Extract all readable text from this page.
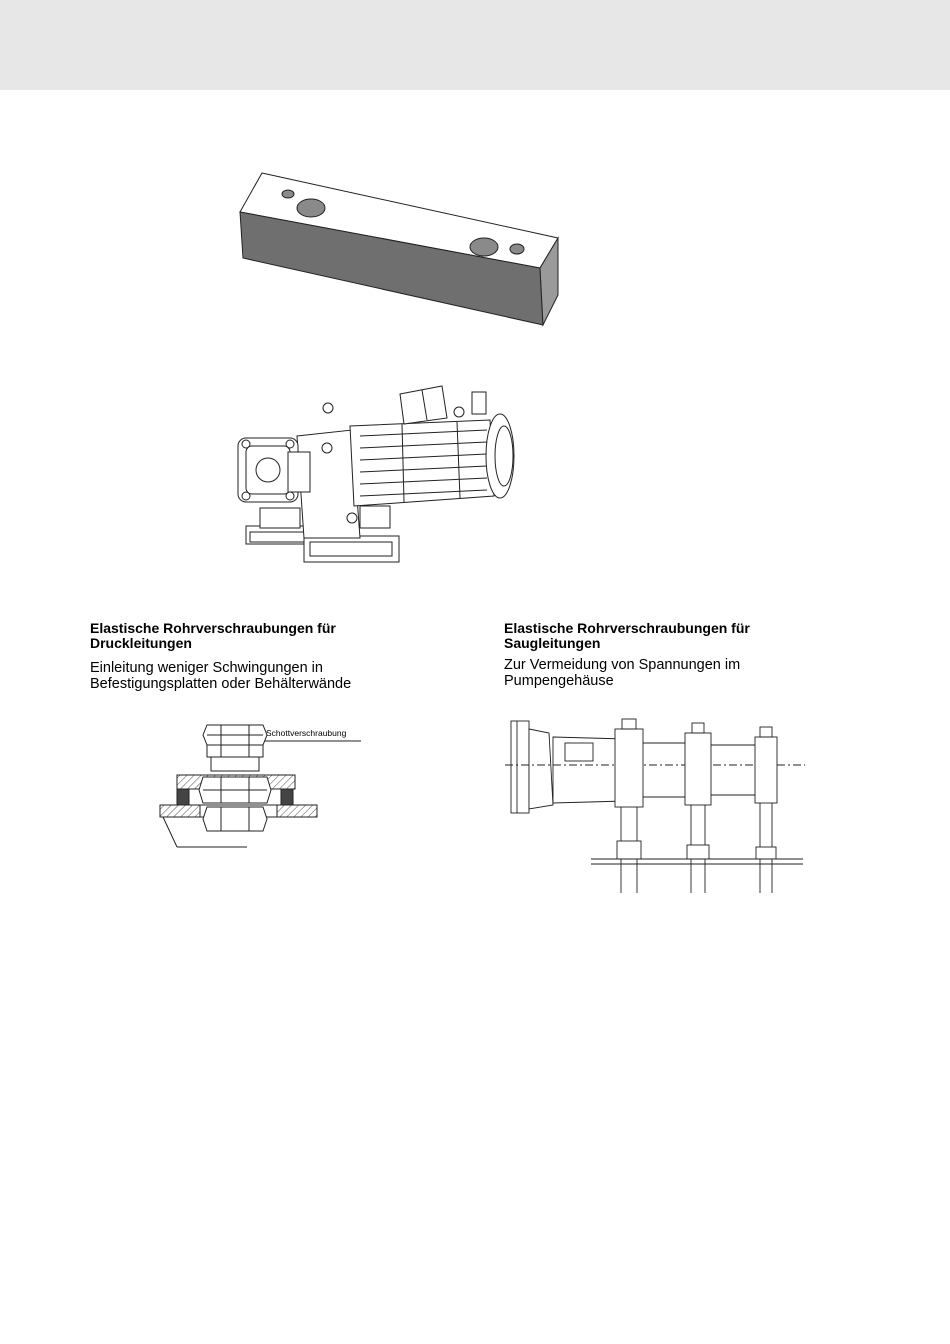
Elastische Rohrverschraubungen für
Druckleitungen
Einleitung weniger Schwingungen in
Befestigungsplatten oder Behälterwände
Elastische Rohrverschraubungen für
Saugleitungen
Zur Vermeidung von Spannungen im
Pumpengehäuse
Schottverschraubung
